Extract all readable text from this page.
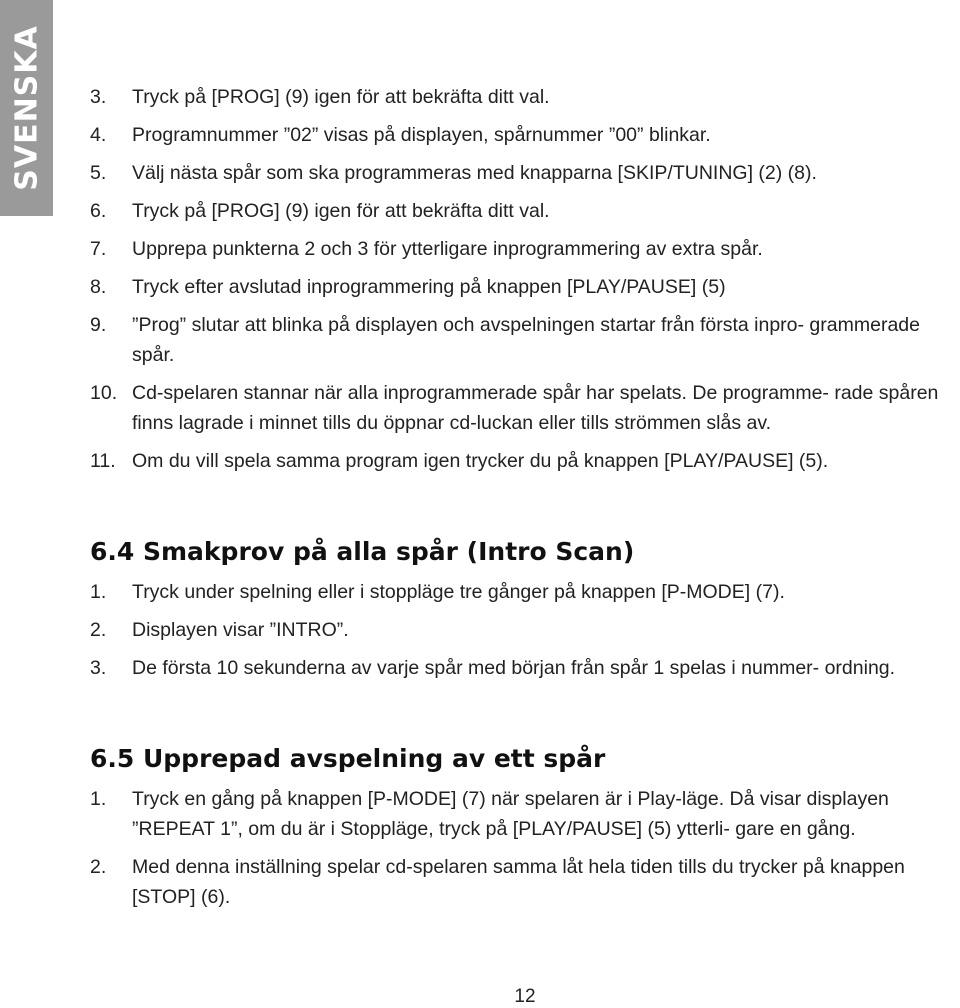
SVENSKA 3. Tryck på [PROG] (9) igen för att bekräfta ditt val.
4. Programnummer ”02” visas på displayen, spårnummer ”00” blinkar.
5. Välj nästa spår som ska programmeras med knapparna [SKIP/TUNING] (2) (8).
6. Tryck på [PROG] (9) igen för att bekräfta ditt val.
7. Upprepa punkterna 2 och 3 för ytterligare inprogrammering av extra spår.
8. Tryck efter avslutad inprogrammering på knappen [PLAY/PAUSE] (5)
9. ”Prog” slutar att blinka på displayen och avspelningen startar från första inpro- grammerade spår.
10. Cd-spelaren stannar när alla inprogrammerade spår har spelats. De programme- rade spåren finns lagrade i minnet tills du öppnar cd-luckan eller tills strömmen slås av.
11. Om du vill spela samma program igen trycker du på knappen [PLAY/PAUSE] (5).
6.4 Smakprov på alla spår (Intro Scan)
1. Tryck under spelning eller i stoppläge tre gånger på knappen [P-MODE] (7).
2. Displayen visar ”INTRO”.
3. De första 10 sekunderna av varje spår med början från spår 1 spelas i nummer- ordning.
6.5 Upprepad avspelning av ett spår
1. Tryck en gång på knappen [P-MODE] (7) när spelaren är i Play-läge. Då visar displayen ”REPEAT 1”, om du är i Stoppläge, tryck på [PLAY/PAUSE] (5) ytterli- gare en gång.
2. Med denna inställning spelar cd-spelaren samma låt hela tiden tills du trycker på knappen [STOP] (6).
12
